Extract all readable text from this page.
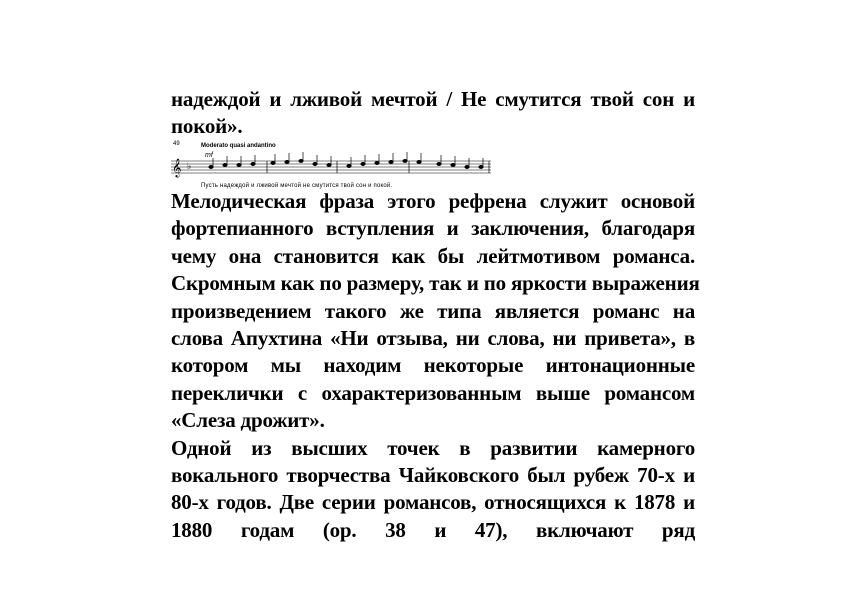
надеждой и лживой мечтой / Не смутится твой сон и
покой».
49	Moderato quasi andantino
mf
𝄞 ♭
Пусть надеждой и лживой мечтой не смутится твой сон и покой.
Мелодическая фраза этого рефрена служит основой
фортепианного вступления и заключения, благодаря
чему она становится как бы лейтмотивом романса.
Скромным как по размеру, так и по яркости выражения
произведением такого же типа является романс на
слова Апухтина «Ни отзыва, ни слова, ни привета», в
котором мы находим некоторые интонационные
переклички с охарактеризованным выше романсом
«Слеза дрожит».
Одной из высших точек в развитии камерного
вокального творчества Чайковского был рубеж 70-х и
80-х годов. Две серии романсов, относящихся к 1878 и
1880 годам (ор. 38 и 47), включают ряд
